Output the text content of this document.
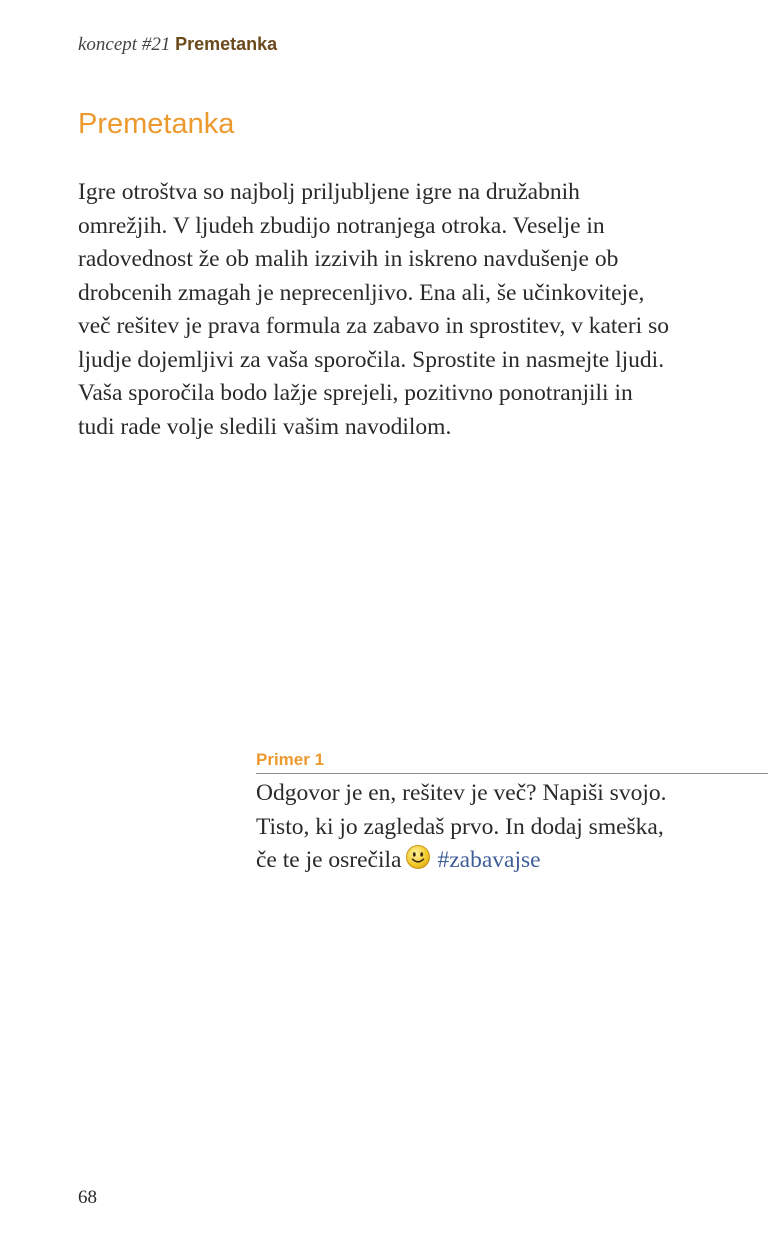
koncept #21 Premetanka
Premetanka
Igre otroštva so najbolj priljubljene igre na družabnih
omrežjih. V ljudeh zbudijo notranjega otroka. Veselje in
radovednost že ob malih izzivih in iskreno navdušenje ob
drobcenih zmagah je neprecenljivo. Ena ali, še učinkoviteje,
več rešitev je prava formula za zabavo in sprostitev, v kateri so
ljudje dojemljivi za vaša sporočila. Sprostite in nasmejte ljudi.
Vaša sporočila bodo lažje sprejeli, pozitivno ponotranjili in
tudi rade volje sledili vašim navodilom.
Primer 1
Odgovor je en, rešitev je več? Napiši svojo.
Tisto, ki jo zagledaš prvo. In dodaj smeška,
če te je osrečila #zabavajse
68
